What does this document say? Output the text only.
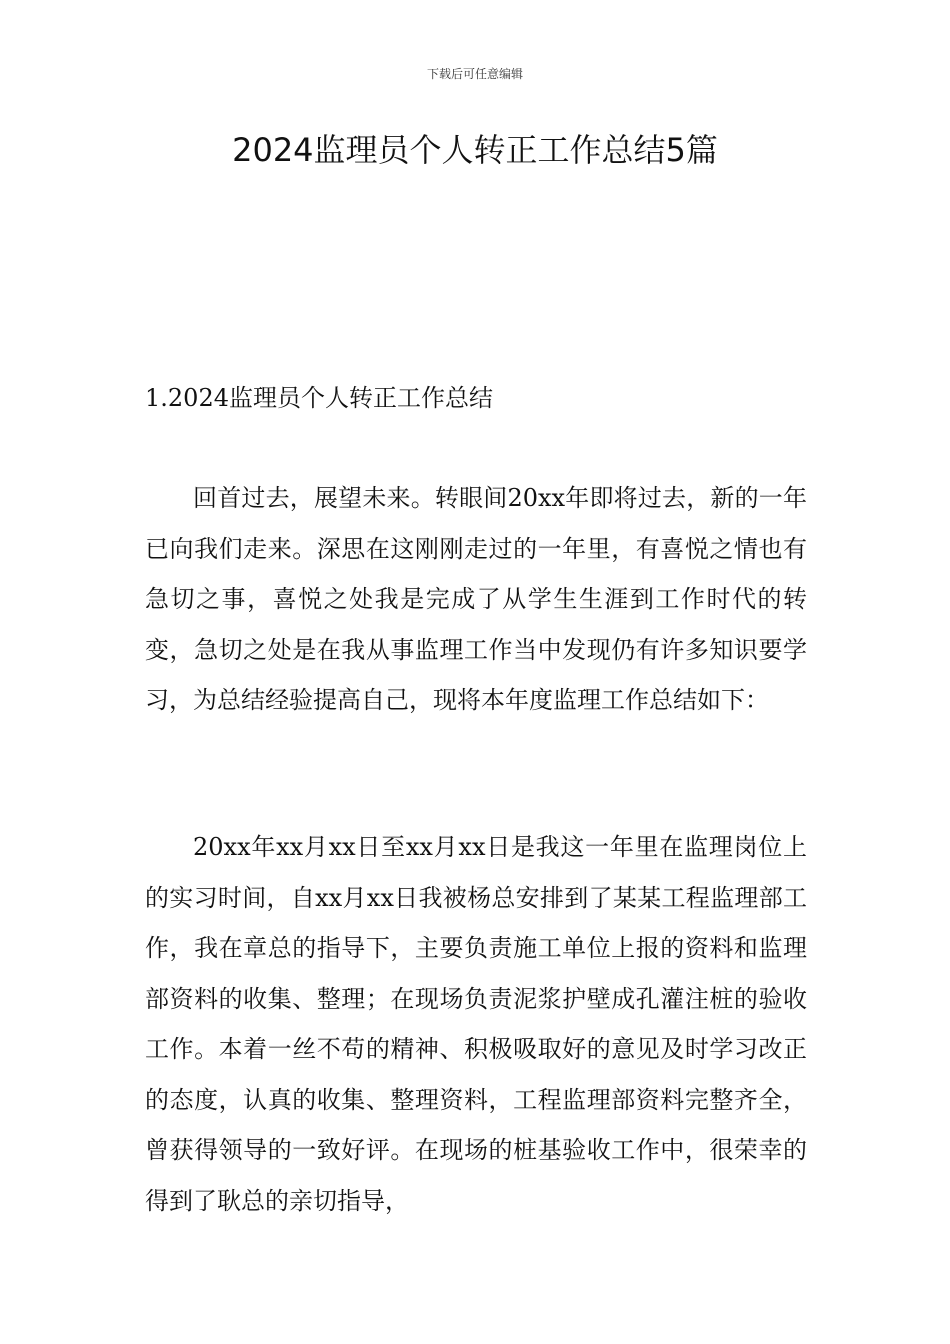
下载后可任意编辑
2024监理员个人转正工作总结5篇
1.2024监理员个人转正工作总结

回首过去，展望未来。转眼间20xx年即将过去，新的一年已向我们走来。深思在这刚刚走过的一年里，有喜悦之情也有急切之事，喜悦之处我是完成了从学生生涯到工作时代的转变，急切之处是在我从事监理工作当中发现仍有许多知识要学习，为总结经验提高自己，现将本年度监理工作总结如下：

20xx年xx月xx日至xx月xx日是我这一年里在监理岗位上的实习时间，自xx月xx日我被杨总安排到了某某工程监理部工作，我在章总的指导下，主要负责施工单位上报的资料和监理部资料的收集、整理；在现场负责泥浆护壁成孔灌注桩的验收工作。本着一丝不苟的精神、积极吸取好的意见及时学习改正的态度，认真的收集、整理资料，工程监理部资料完整齐全，曾获得领导的一致好评。在现场的桩基验收工作中，很荣幸的得到了耿总的亲切指导，
